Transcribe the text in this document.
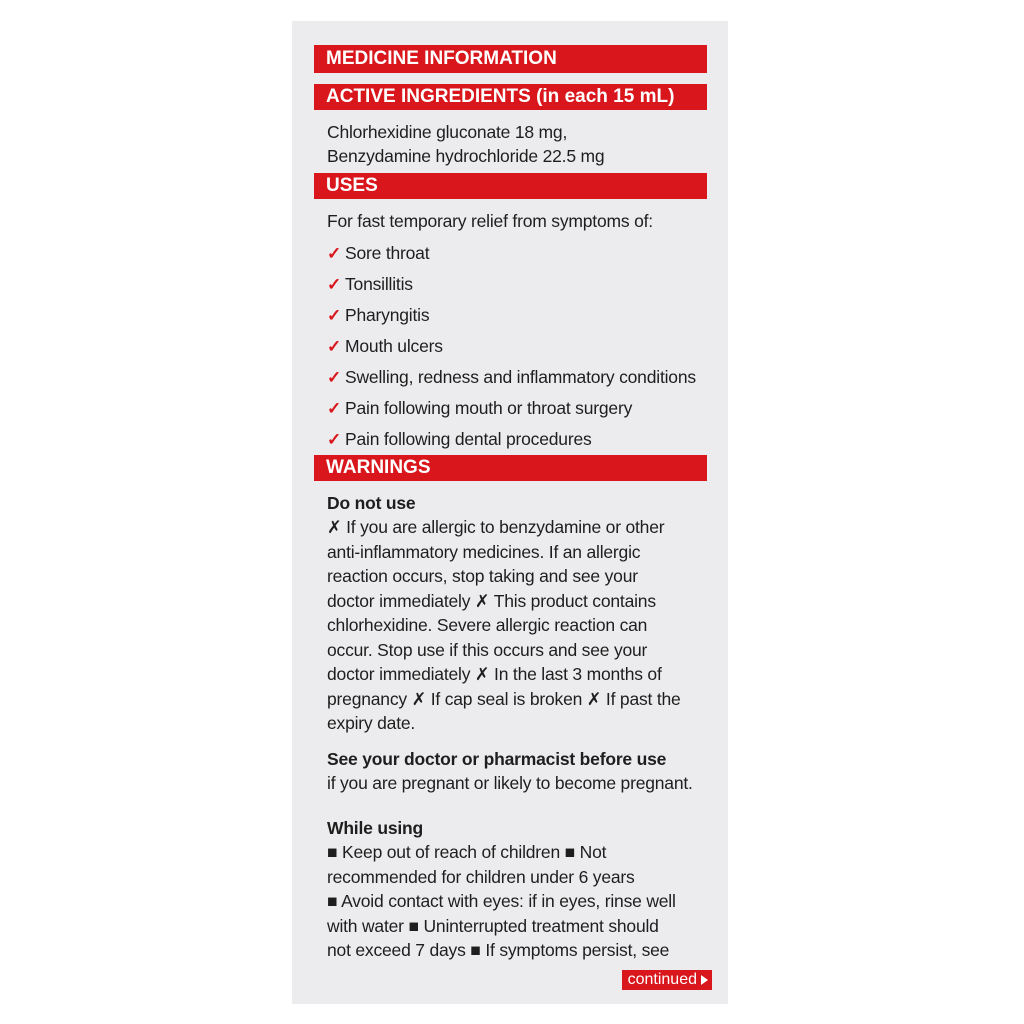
MEDICINE INFORMATION
ACTIVE INGREDIENTS (in each 15 mL)
Chlorhexidine gluconate 18 mg,
Benzydamine hydrochloride 22.5 mg
USES
For fast temporary relief from symptoms of:
✓ Sore throat
✓ Tonsillitis
✓ Pharyngitis
✓ Mouth ulcers
✓ Swelling, redness and inflammatory conditions
✓ Pain following mouth or throat surgery
✓ Pain following dental procedures
WARNINGS
Do not use
✗ If you are allergic to benzydamine or other
anti-inflammatory medicines. If an allergic
reaction occurs, stop taking and see your
doctor immediately ✗ This product contains
chlorhexidine. Severe allergic reaction can
occur. Stop use if this occurs and see your
doctor immediately ✗ In the last 3 months of
pregnancy ✗ If cap seal is broken ✗ If past the
expiry date.
See your doctor or pharmacist before use
if you are pregnant or likely to become pregnant.
While using
■ Keep out of reach of children ■ Not
recommended for children under 6 years
■ Avoid contact with eyes: if in eyes, rinse well
with water ■ Uninterrupted treatment should
not exceed 7 days ■ If symptoms persist, see
continued
